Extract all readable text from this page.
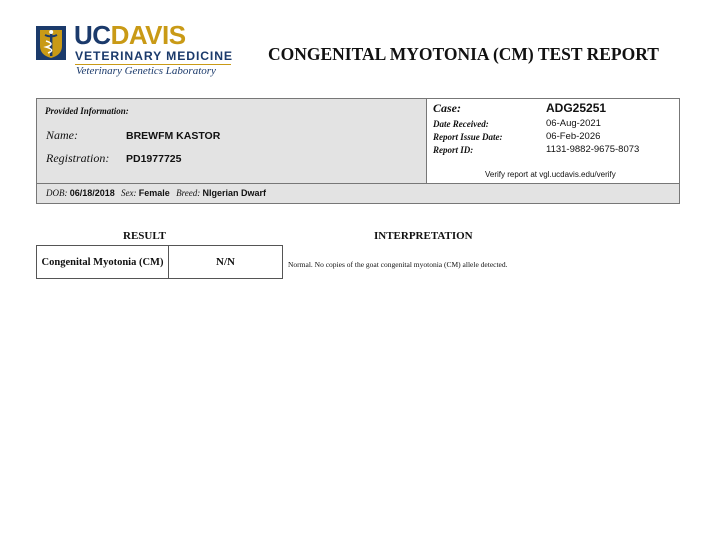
UCDAVIS
VETERINARY MEDICINE
Veterinary Genetics Laboratory
CONGENITAL MYOTONIA (CM) TEST REPORT
Provided Information:
Name:	BREWFM KASTOR
Registration: PD1977725
Case:	ADG25251
Date Received:	06-Aug-2021
Report Issue Date:	06-Feb-2026
Report ID:	1131-9882-9675-8073
Verify report at vgl.ucdavis.edu/verify
DOB: 06/18/2018 Sex: Female Breed: NIgerian Dwarf
RESULT	INTERPRETATION
Congenital Myotonia (CM)	N/N	Normal. No copies of the goat congenital myotonia (CM) allele detected.
